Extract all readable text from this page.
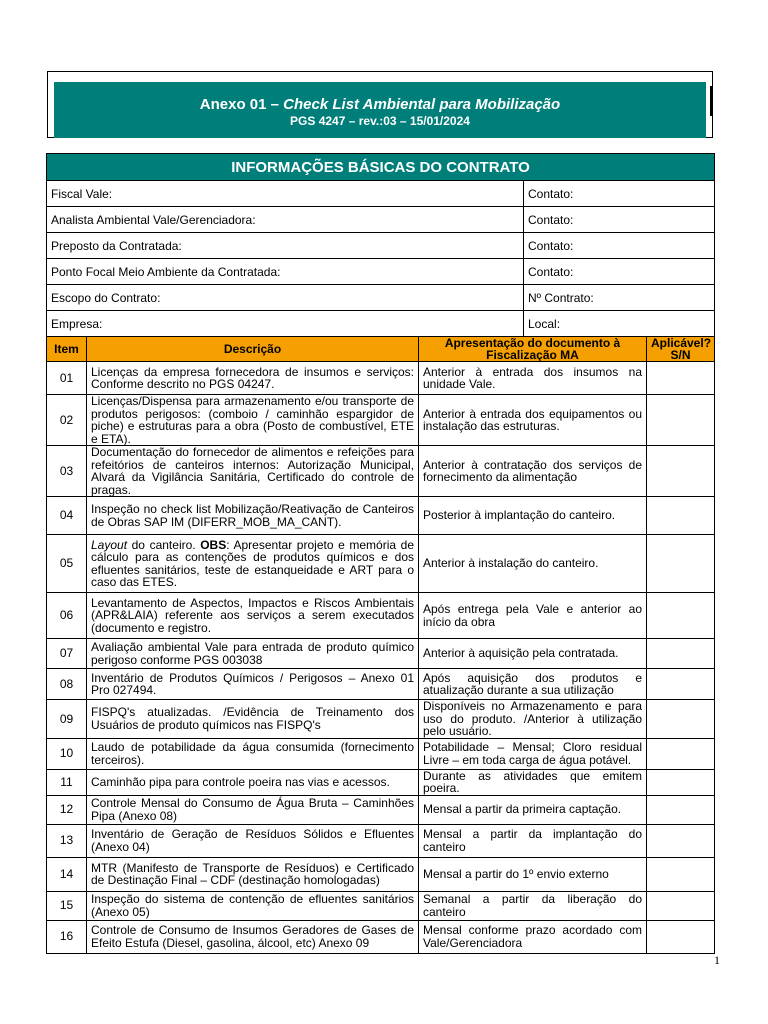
Anexo 01 – Check List Ambiental para Mobilização
PGS 4247 – rev.:03 – 15/01/2024
INFORMAÇÕES BÁSICAS DO CONTRATO				
Fiscal Vale:			Contato:	
Analista Ambiental Vale/Gerenciadora:			Contato:	
Preposto da Contratada:			Contato:	
Ponto Focal Meio Ambiente da Contratada:			Contato:	
Escopo do Contrato:			Nº Contrato:	
Empresa:			Local:	
Item	Descrição	Apresentação do documento à Fiscalização MA		Aplicável? S/N
01	Licenças da empresa fornecedora de insumos e serviços: Conforme descrito no PGS 04247.	Anterior à entrada dos insumos na unidade Vale.		
02	Licenças/Dispensa para armazenamento e/ou transporte de produtos perigosos: (comboio / caminhão espargidor de piche) e estruturas para a obra (Posto de combustível, ETE e ETA).	Anterior à entrada dos equipamentos ou instalação das estruturas.		
03	Documentação do fornecedor de alimentos e refeições para refeitórios de canteiros internos: Autorização Municipal, Alvará da Vigilância Sanitária, Certificado do controle de pragas.	Anterior à contratação dos serviços de fornecimento da alimentação		
04	Inspeção no check list Mobilização/Reativação de Canteiros de Obras SAP IM (DIFERR_MOB_MA_CANT).	Posterior à implantação do canteiro.		
05	Layout do canteiro. OBS: Apresentar projeto e memória de cálculo para as contenções de produtos químicos e dos efluentes sanitários, teste de estanqueidade e ART para o caso das ETES.	Anterior à instalação do canteiro.		
06	Levantamento de Aspectos, Impactos e Riscos Ambientais (APR&LAIA) referente aos serviços a serem executados (documento e registro.	Após entrega pela Vale e anterior ao início da obra		
07	Avaliação ambiental Vale para entrada de produto químico perigoso conforme PGS 003038	Anterior à aquisição pela contratada.		
08	Inventário de Produtos Químicos / Perigosos – Anexo 01 Pro 027494.	Após aquisição dos produtos e atualização durante a sua utilização		
09	FISPQ's atualizadas. /Evidência de Treinamento dos Usuários de produto químicos nas FISPQ's	Disponíveis no Armazenamento e para uso do produto. /Anterior à utilização pelo usuário.		
10	Laudo de potabilidade da água consumida (fornecimento terceiros).	Potabilidade – Mensal; Cloro residual Livre – em toda carga de água potável.		
11	Caminhão pipa para controle poeira nas vias e acessos.	Durante as atividades que emitem poeira.		
12	Controle Mensal do Consumo de Água Bruta – Caminhões Pipa (Anexo 08)	Mensal a partir da primeira captação.		
13	Inventário de Geração de Resíduos Sólidos e Efluentes (Anexo 04)	Mensal a partir da implantação do canteiro		
14	MTR (Manifesto de Transporte de Resíduos) e Certificado de Destinação Final – CDF (destinação homologadas)	Mensal a partir do 1º envio externo		
15	Inspeção do sistema de contenção de efluentes sanitários (Anexo 05)	Semanal a partir da liberação do canteiro		
16	Controle de Consumo de Insumos Geradores de Gases de Efeito Estufa (Diesel, gasolina, álcool, etc) Anexo 09	Mensal conforme prazo acordado com Vale/Gerenciadora		
1
